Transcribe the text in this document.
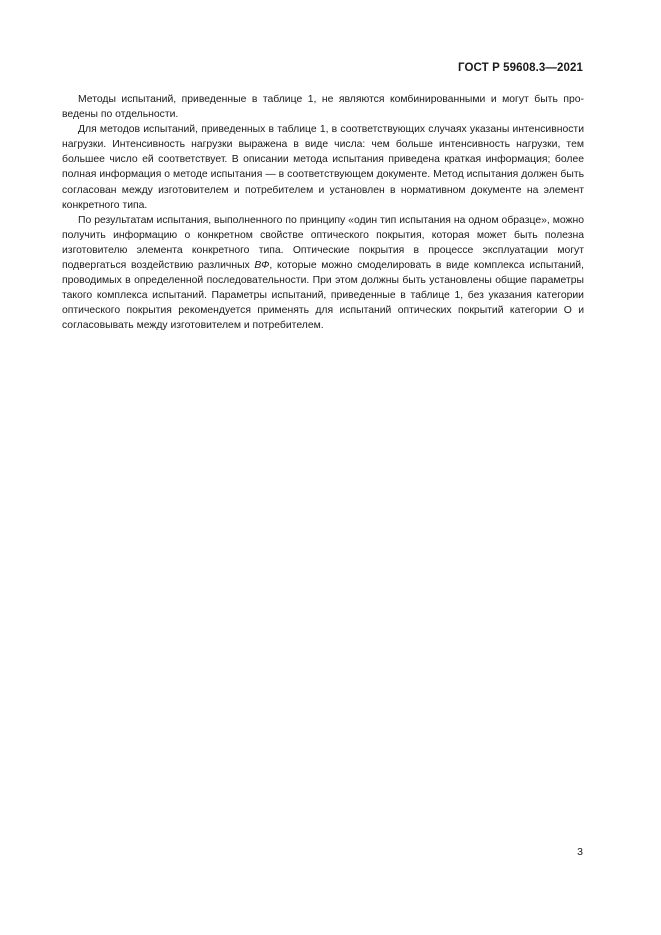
ГОСТ Р 59608.3—2021

Методы испытаний, приведенные в таблице 1, не являются комбинированными и могут быть проведены по отдельности.

Для методов испытаний, приведенных в таблице 1, в соответствующих случаях указаны интенсивности нагрузки. Интенсивность нагрузки выражена в виде числа: чем больше интенсивность нагрузки, тем большее число ей соответствует. В описании метода испытания приведена краткая информация; более полная информация о методе испытания — в соответствующем документе. Метод испытания должен быть согласован между изготовителем и потребителем и установлен в нормативном документе на элемент конкретного типа.

По результатам испытания, выполненного по принципу «один тип испытания на одном образце», можно получить информацию о конкретном свойстве оптического покрытия, которая может быть полезна изготовителю элемента конкретного типа. Оптические покрытия в процессе эксплуатации могут подвергаться воздействию различных ВФ, которые можно смоделировать в виде комплекса испытаний, проводимых в определенной последовательности. При этом должны быть установлены общие параметры такого комплекса испытаний. Параметры испытаний, приведенные в таблице 1, без указания категории оптического покрытия рекомендуется применять для испытаний оптических покрытий категории О и согласовывать между изготовителем и потребителем.

3
